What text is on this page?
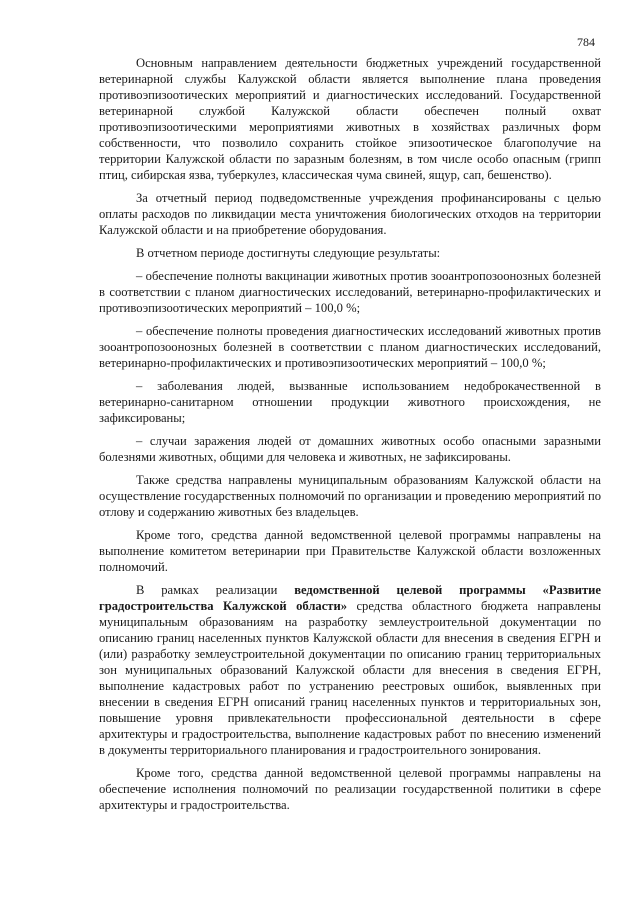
784

Основным направлением деятельности бюджетных учреждений государственной ветеринарной службы Калужской области является выполнение плана проведения противоэпизоотических мероприятий и диагностических исследований. Государственной ветеринарной службой Калужской области обеспечен полный охват противоэпизоотическими мероприятиями животных в хозяйствах различных форм собственности, что позволило сохранить стойкое эпизоотическое благополучие на территории Калужской области по заразным болезням, в том числе особо опасным (грипп птиц, сибирская язва, туберкулез, классическая чума свиней, ящур, сап, бешенство).

За отчетный период подведомственные учреждения профинансированы с целью оплаты расходов по ликвидации места уничтожения биологических отходов на территории Калужской области и на приобретение оборудования.

В отчетном периоде достигнуты следующие результаты:

– обеспечение полноты вакцинации животных против зооантропозоонозных болезней в соответствии с планом диагностических исследований, ветеринарно-профилактических и противоэпизоотических мероприятий – 100,0 %;

– обеспечение полноты проведения диагностических исследований животных против зооантропозоонозных болезней в соответствии с планом диагностических исследований, ветеринарно-профилактических и противоэпизоотических мероприятий – 100,0 %;

– заболевания людей, вызванные использованием недоброкачественной в ветеринарно-санитарном отношении продукции животного происхождения, не зафиксированы;

– случаи заражения людей от домашних животных особо опасными заразными болезнями животных, общими для человека и животных, не зафиксированы.

Также средства направлены муниципальным образованиям Калужской области на осуществление государственных полномочий по организации и проведению мероприятий по отлову и содержанию животных без владельцев.

Кроме того, средства данной ведомственной целевой программы направлены на выполнение комитетом ветеринарии при Правительстве Калужской области возложенных полномочий.

В рамках реализации ведомственной целевой программы «Развитие градостроительства Калужской области» средства областного бюджета направлены муниципальным образованиям на разработку землеустроительной документации по описанию границ населенных пунктов Калужской области для внесения в сведения ЕГРН и (или) разработку землеустроительной документации по описанию границ территориальных зон муниципальных образований Калужской области для внесения в сведения ЕГРН, выполнение кадастровых работ по устранению реестровых ошибок, выявленных при внесении в сведения ЕГРН описаний границ населенных пунктов и территориальных зон, повышение уровня привлекательности профессиональной деятельности в сфере архитектуры и градостроительства, выполнение кадастровых работ по внесению изменений в документы территориального планирования и градостроительного зонирования.

Кроме того, средства данной ведомственной целевой программы направлены на обеспечение исполнения полномочий по реализации государственной политики в сфере архитектуры и градостроительства.
